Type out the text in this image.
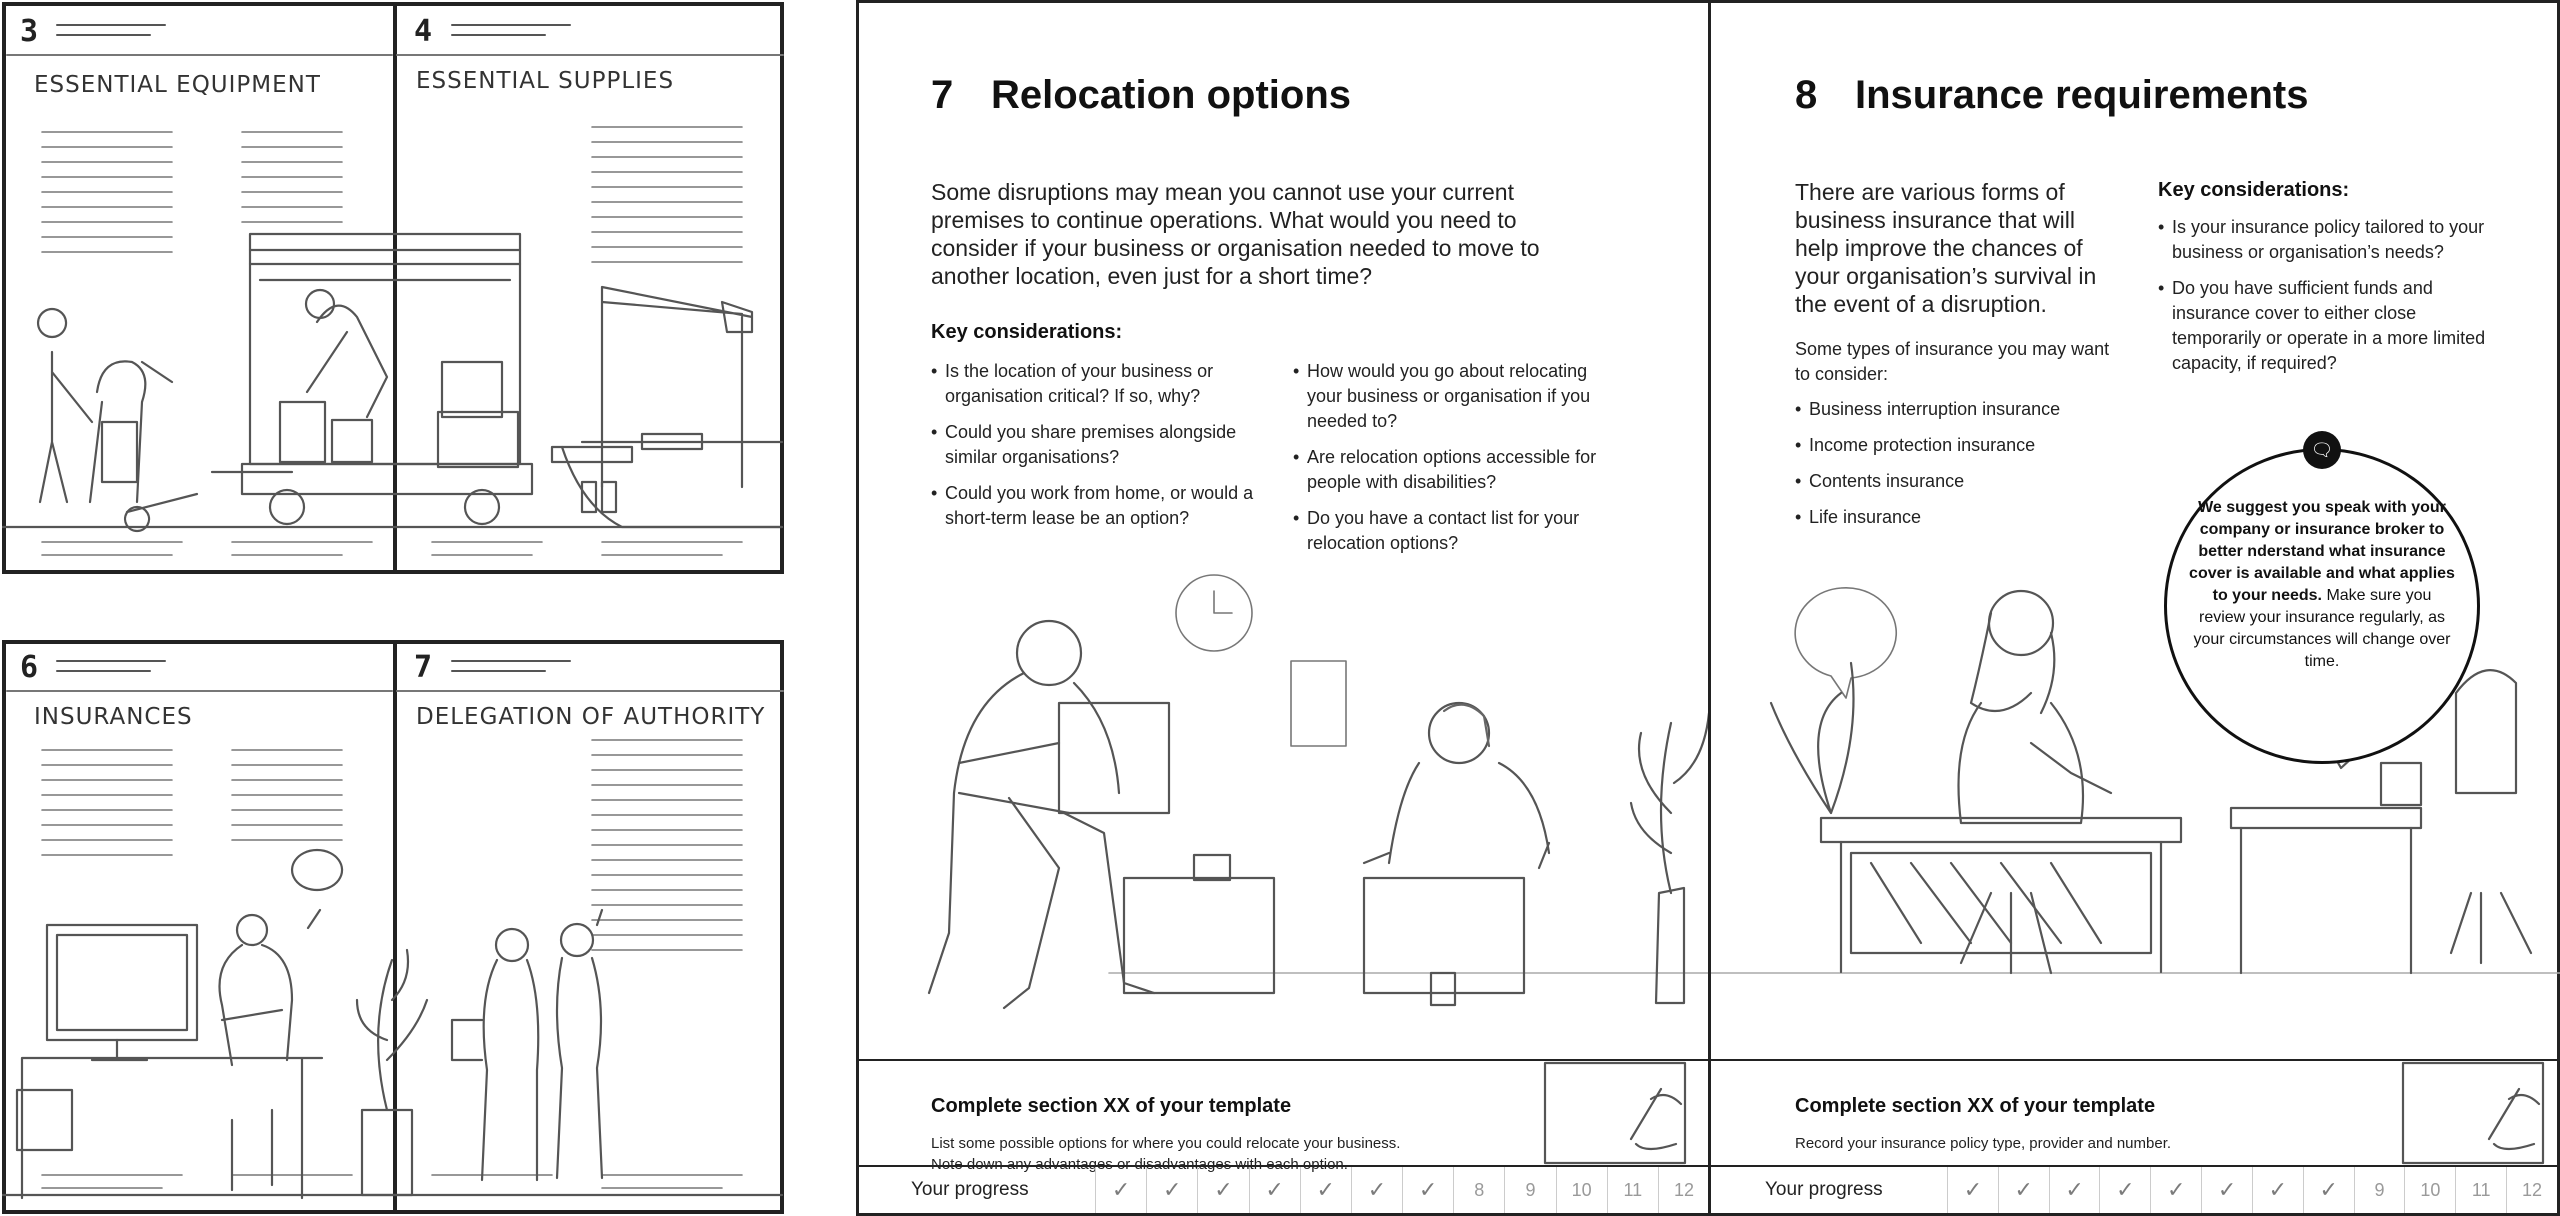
3	4
ESSENTIAL EQUIPMENT	ESSENTIAL SUPPLIES
6	7
INSURANCES	DELEGATION OF AUTHORITY
7 Relocation options
Some disruptions may mean you cannot use your current premises to continue operations. What would you need to consider if your business or organisation needed to move to another location, even just for a short time?
Key considerations:
• Is the location of your business or organisation critical? If so, why?
• Could you share premises alongside similar organisations?
• Could you work from home, or would a short-term lease be an option?
• How would you go about relocating your business or organisation if you needed to?
• Are relocation options accessible for people with disabilities?
• Do you have a contact list for your relocation options?
Complete section XX of your template
List some possible options for where you could relocate your business.
Note down any advantages or disadvantages with each option.
Your progress	✓	✓	✓	✓	✓	✓	✓	8	9	10	11	12
8 Insurance requirements
There are various forms of business insurance that will help improve the chances of your organisation’s survival in the event of a disruption.
Some types of insurance you may want to consider:
• Business interruption insurance
• Income protection insurance
• Contents insurance
• Life insurance
Key considerations:
• Is your insurance policy tailored to your business or organisation’s needs?
• Do you have sufficient funds and insurance cover to either close temporarily or operate in a more limited capacity, if required?
We suggest you speak with your company or insurance broker to better nderstand what insurance cover is available and what applies to your needs. Make sure you review your insurance regularly, as your circumstances will change over time.
🗨
Complete section XX of your template
Record your insurance policy type, provider and number.
Your progress	✓	✓	✓	✓	✓	✓	✓	✓	9	10	11	12
